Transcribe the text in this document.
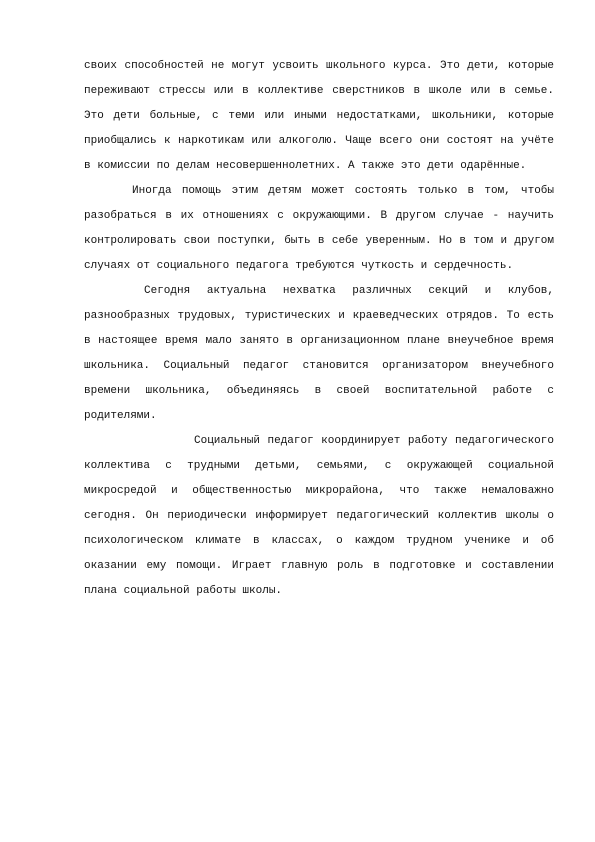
своих способностей не могут усвоить школьного курса. Это дети, которые переживают стрессы или в коллективе сверстников в школе или в семье. Это дети больные, с теми или иными недостатками, школьники, которые приобщались к наркотикам или алкоголю. Чаще всего они состоят на учёте в комиссии по делам несовершеннолетних. А также это дети одарённые.

Иногда помощь этим детям может состоять только в том, чтобы разобраться в их отношениях с окружающими. В другом случае - научить контролировать свои поступки, быть в себе уверенным. Но в том и другом случаях от социального педагога требуются чуткость и сердечность.

Сегодня актуальна нехватка различных секций и клубов, разнообразных трудовых, туристических и краеведческих отрядов. То есть в настоящее время мало занято в организационном плане внеучебное время школьника. Социальный педагог становится организатором внеучебного времени школьника, объединяясь в своей воспитательной работе с родителями.

Социальный педагог координирует работу педагогического коллектива с трудными детьми, семьями, с окружающей социальной микросредой и общественностью микрорайона, что также немаловажно сегодня. Он периодически информирует педагогический коллектив школы о психологическом климате в классах, о каждом трудном ученике и об оказании ему помощи. Играет главную роль в подготовке и составлении плана социальной работы школы.
